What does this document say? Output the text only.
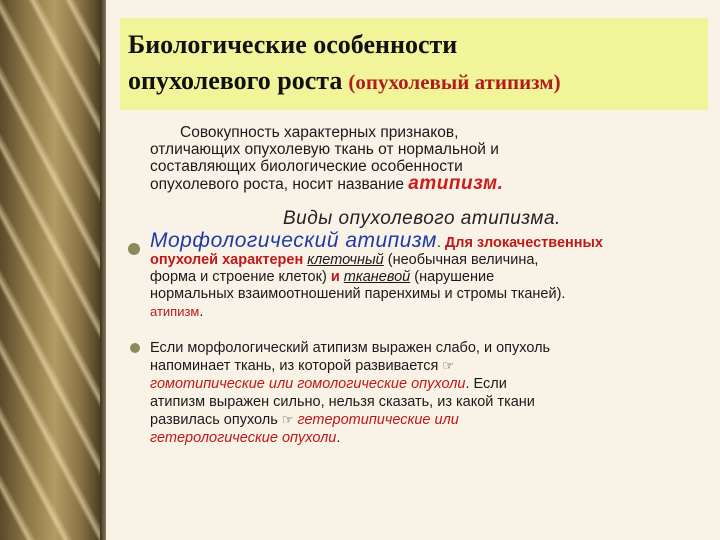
Биологические особенности
опухолевого роста (опухолевый атипизм)
Совокупность характерных признаков,
отличающих опухолевую ткань от нормальной и
составляющих биологические особенности
опухолевого роста, носит название атипизм.
Виды опухолевого атипизма.
Морфологический атипизм. Для злокачественных
опухолей характерен клеточный (необычная величина,
форма и строение клеток) и тканевой (нарушение
нормальных взаимоотношений паренхимы и стромы тканей).
атипизм.
Если морфологический атипизм выражен слабо, и опухоль
напоминает ткань, из которой развивается ☞
гомотипические или гомологические опухоли. Если
атипизм выражен сильно, нельзя сказать, из какой ткани
развилась опухоль ☞ гетеротипические или
гетерологические опухоли.
